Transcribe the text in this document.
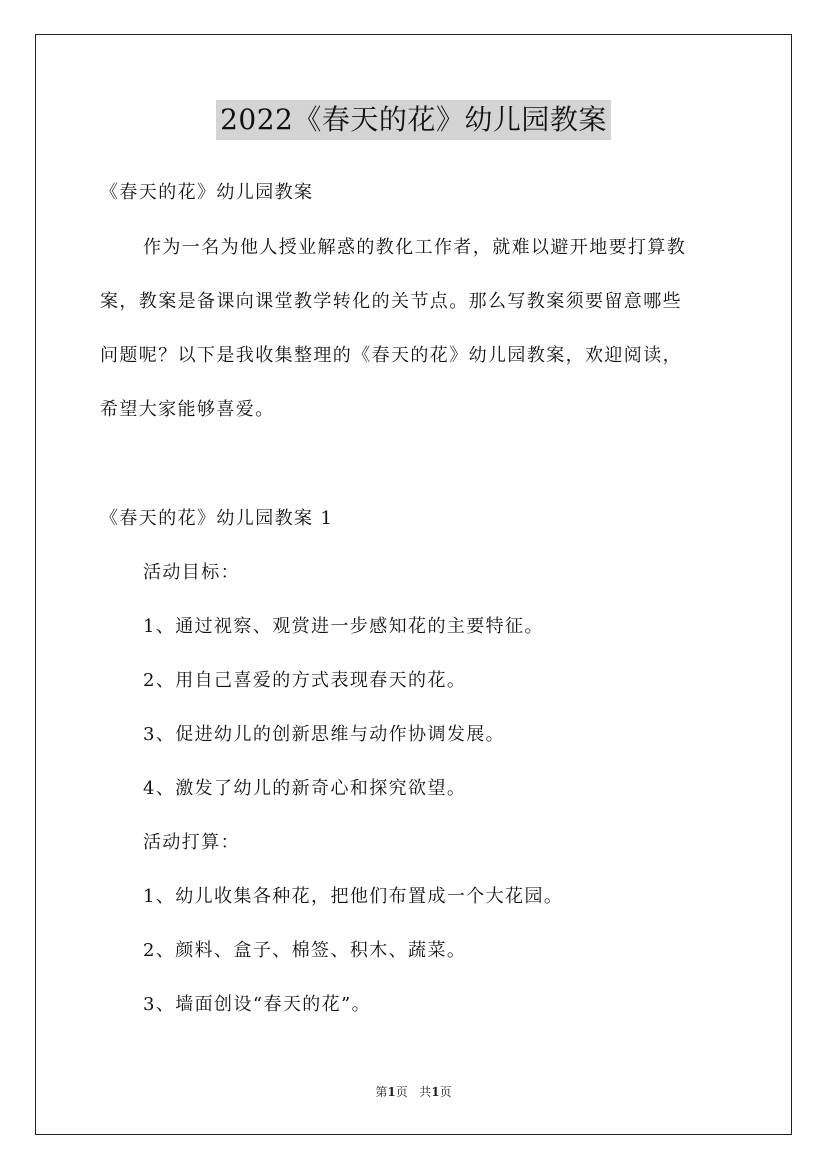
2022《春天的花》幼儿园教案
《春天的花》幼儿园教案
作为一名为他人授业解惑的教化工作者，就难以避开地要打算教
案，教案是备课向课堂教学转化的关节点。那么写教案须要留意哪些
问题呢？以下是我收集整理的《春天的花》幼儿园教案，欢迎阅读，
希望大家能够喜爱。
《春天的花》幼儿园教案 1
活动目标：
1、通过视察、观赏进一步感知花的主要特征。
2、用自己喜爱的方式表现春天的花。
3、促进幼儿的创新思维与动作协调发展。
4、激发了幼儿的新奇心和探究欲望。
活动打算：
1、幼儿收集各种花，把他们布置成一个大花园。
2、颜料、盒子、棉签、积木、蔬菜。
3、墙面创设“春天的花”。
第1页 共1页
